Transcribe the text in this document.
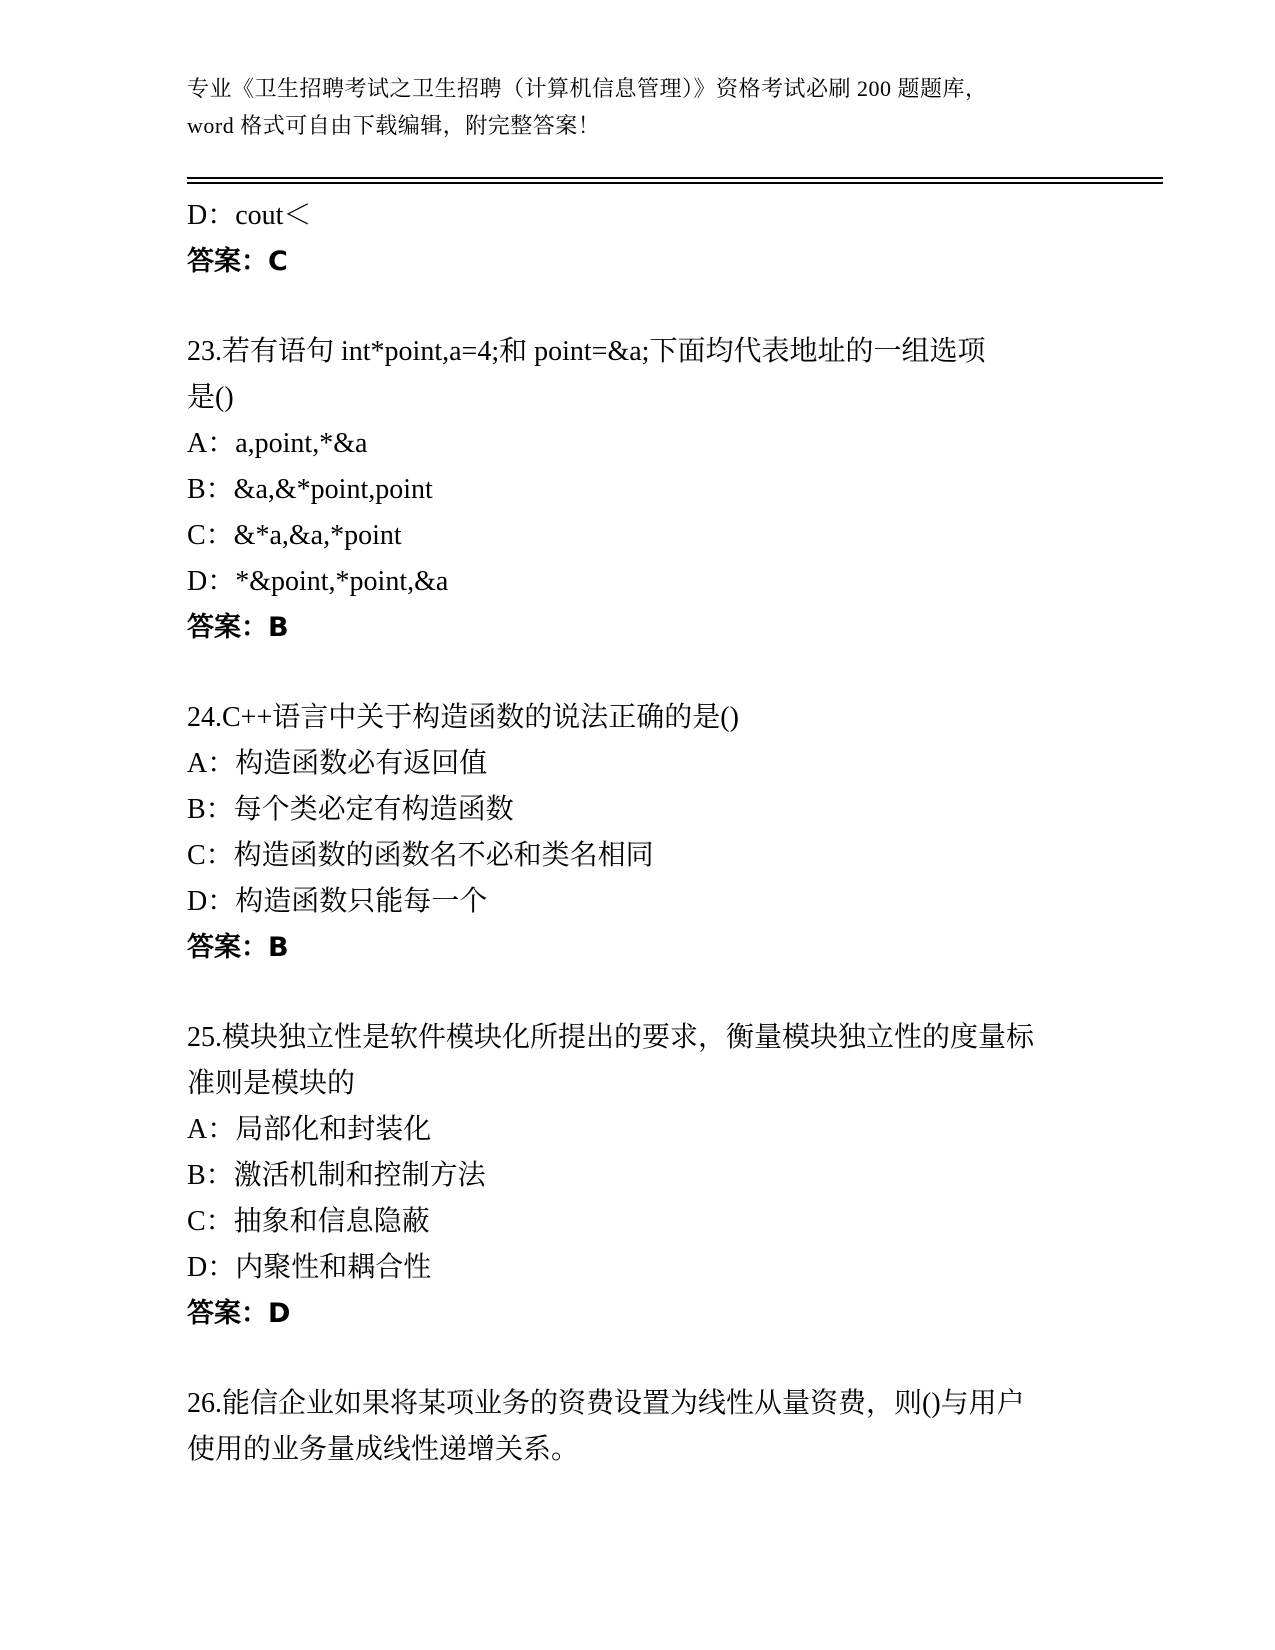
专业《卫生招聘考试之卫生招聘（计算机信息管理）》资格考试必刷 200 题题库，
word 格式可自由下载编辑，附完整答案！
D：cout＜
答案：C
23.若有语句 int*point,a=4;和 point=&a;下面均代表地址的一组选项
是()
A：a,point,*&a
B：&a,&*point,point
C：&*a,&a,*point
D：*&point,*point,&a
答案：B
24.C++语言中关于构造函数的说法正确的是()
A：构造函数必有返回值
B：每个类必定有构造函数
C：构造函数的函数名不必和类名相同
D：构造函数只能每一个
答案：B
25.模块独立性是软件模块化所提出的要求，衡量模块独立性的度量标
准则是模块的
A：局部化和封装化
B：激活机制和控制方法
C：抽象和信息隐蔽
D：内聚性和耦合性
答案：D
26.能信企业如果将某项业务的资费设置为线性从量资费，则()与用户
使用的业务量成线性递增关系。
